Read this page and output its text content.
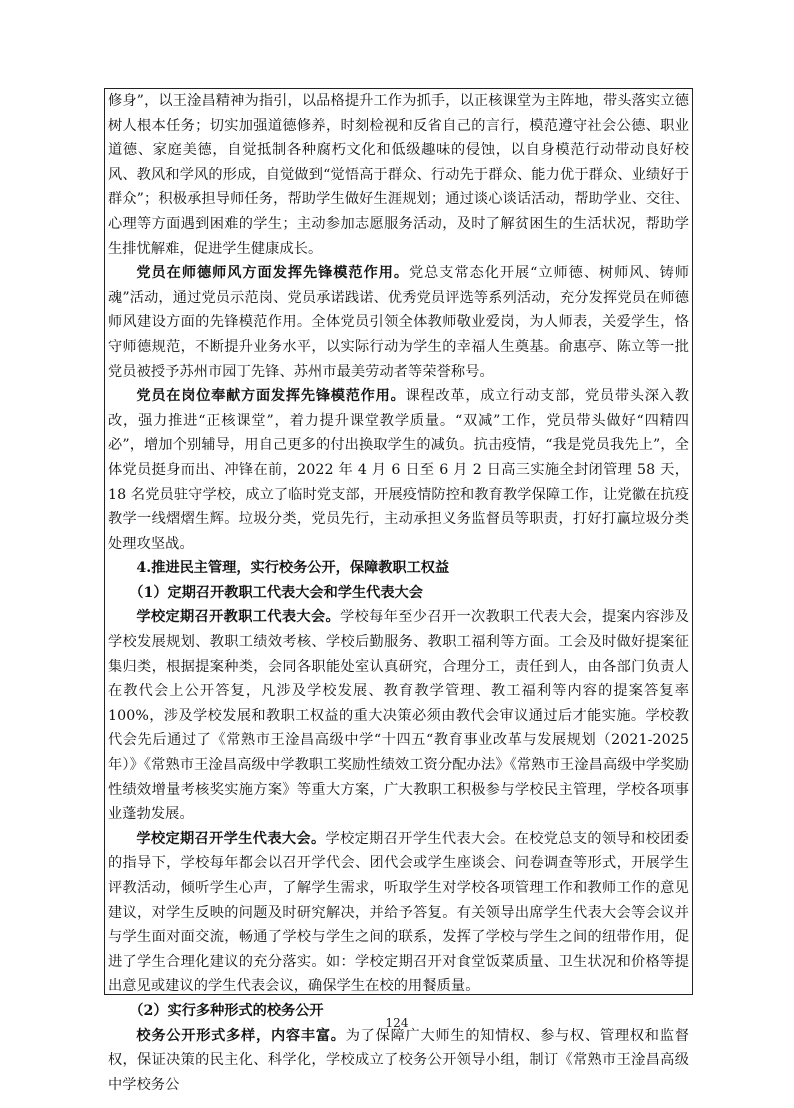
修身”，以王淦昌精神为指引，以品格提升工作为抓手，以正核课堂为主阵地，带头落实立德树人根本任务；切实加强道德修养，时刻检视和反省自己的言行，模范遵守社会公德、职业道德、家庭美德，自觉抵制各种腐朽文化和低级趣味的侵蚀，以自身模范行动带动良好校风、教风和学风的形成，自觉做到“觉悟高于群众、行动先于群众、能力优于群众、业绩好于群众”；积极承担导师任务，帮助学生做好生涯规划；通过谈心谈话活动，帮助学业、交往、心理等方面遇到困难的学生；主动参加志愿服务活动，及时了解贫困生的生活状况，帮助学生排忧解难，促进学生健康成长。

党员在师德师风方面发挥先锋模范作用。党总支常态化开展“立师德、树师风、铸师魂”活动，通过党员示范岗、党员承诺践诺、优秀党员评选等系列活动，充分发挥党员在师德师风建设方面的先锋模范作用。全体党员引领全体教师敬业爱岗，为人师表，关爱学生，恪守师德规范，不断提升业务水平，以实际行动为学生的幸福人生奠基。俞惠亭、陈立等一批党员被授予苏州市园丁先锋、苏州市最美劳动者等荣誉称号。

党员在岗位奉献方面发挥先锋模范作用。课程改革，成立行动支部，党员带头深入教改，强力推进“正核课堂”，着力提升课堂教学质量。“双减”工作，党员带头做好“四精四必”，增加个别辅导，用自己更多的付出换取学生的减负。抗击疫情，“我是党员我先上”，全体党员挺身而出、冲锋在前，2022 年 4 月 6 日至 6 月 2 日高三实施全封闭管理 58 天，18 名党员驻守学校，成立了临时党支部，开展疫情防控和教育教学保障工作，让党徽在抗疫教学一线熠熠生辉。垃圾分类，党员先行，主动承担义务监督员等职责，打好打赢垃圾分类处理攻坚战。

4.推进民主管理，实行校务公开，保障教职工权益

（1）定期召开教职工代表大会和学生代表大会

学校定期召开教职工代表大会。学校每年至少召开一次教职工代表大会，提案内容涉及学校发展规划、教职工绩效考核、学校后勤服务、教职工福利等方面。工会及时做好提案征集归类，根据提案种类，会同各职能处室认真研究，合理分工，责任到人，由各部门负责人在教代会上公开答复，凡涉及学校发展、教育教学管理、教工福利等内容的提案答复率 100%，涉及学校发展和教职工权益的重大决策必须由教代会审议通过后才能实施。学校教代会先后通过了《常熟市王淦昌高级中学“十四五“教育事业改革与发展规划（2021-2025 年）》《常熟市王淦昌高级中学教职工奖励性绩效工资分配办法》《常熟市王淦昌高级中学奖励性绩效增量考核奖实施方案》等重大方案，广大教职工积极参与学校民主管理，学校各项事业蓬勃发展。

学校定期召开学生代表大会。学校定期召开学生代表大会。在校党总支的领导和校团委的指导下，学校每年都会以召开学代会、团代会或学生座谈会、问卷调查等形式，开展学生评教活动，倾听学生心声，了解学生需求，听取学生对学校各项管理工作和教师工作的意见建议，对学生反映的问题及时研究解决，并给予答复。有关领导出席学生代表大会等会议并与学生面对面交流，畅通了学校与学生之间的联系，发挥了学校与学生之间的纽带作用，促进了学生合理化建议的充分落实。如：学校定期召开对食堂饭菜质量、卫生状况和价格等提出意见或建议的学生代表会议，确保学生在校的用餐质量。

（2）实行多种形式的校务公开

校务公开形式多样，内容丰富。为了保障广大师生的知情权、参与权、管理权和监督权，保证决策的民主化、科学化，学校成立了校务公开领导小组，制订《常熟市王淦昌高级中学校务公

124
